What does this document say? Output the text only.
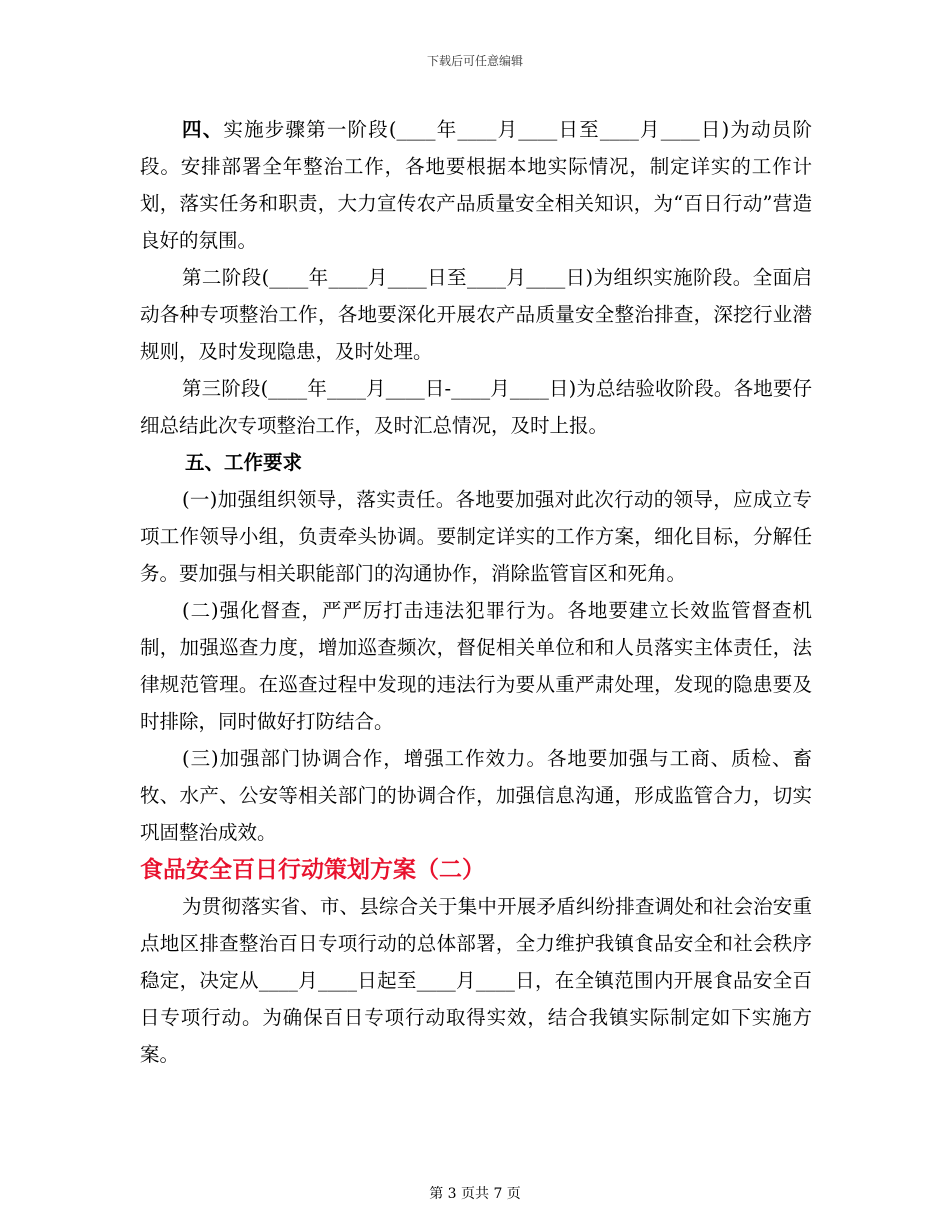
下载后可任意编辑

四、实施步骤第一阶段(____年____月____日至____月____日)为动员阶段。安排部署全年整治工作，各地要根据本地实际情况，制定详实的工作计划，落实任务和职责，大力宣传农产品质量安全相关知识，为“百日行动”营造良好的氛围。

第二阶段(____年____月____日至____月____日)为组织实施阶段。全面启动各种专项整治工作，各地要深化开展农产品质量安全整治排查，深挖行业潜规则，及时发现隐患，及时处理。

第三阶段(____年____月____日-____月____日)为总结验收阶段。各地要仔细总结此次专项整治工作，及时汇总情况，及时上报。

五、工作要求

(一)加强组织领导，落实责任。各地要加强对此次行动的领导，应成立专项工作领导小组，负责牵头协调。要制定详实的工作方案，细化目标，分解任务。要加强与相关职能部门的沟通协作，消除监管盲区和死角。

(二)强化督查，严严厉打击违法犯罪行为。各地要建立长效监管督查机制，加强巡查力度，增加巡查频次，督促相关单位和和人员落实主体责任，法律规范管理。在巡查过程中发现的违法行为要从重严肃处理，发现的隐患要及时排除，同时做好打防结合。

(三)加强部门协调合作，增强工作效力。各地要加强与工商、质检、畜牧、水产、公安等相关部门的协调合作，加强信息沟通，形成监管合力，切实巩固整治成效。

食品安全百日行动策划方案（二）

为贯彻落实省、市、县综合关于集中开展矛盾纠纷排查调处和社会治安重点地区排查整治百日专项行动的总体部署，全力维护我镇食品安全和社会秩序稳定，决定从____月____日起至____月____日，在全镇范围内开展食品安全百日专项行动。为确保百日专项行动取得实效，结合我镇实际制定如下实施方案。

第 3 页共 7 页
